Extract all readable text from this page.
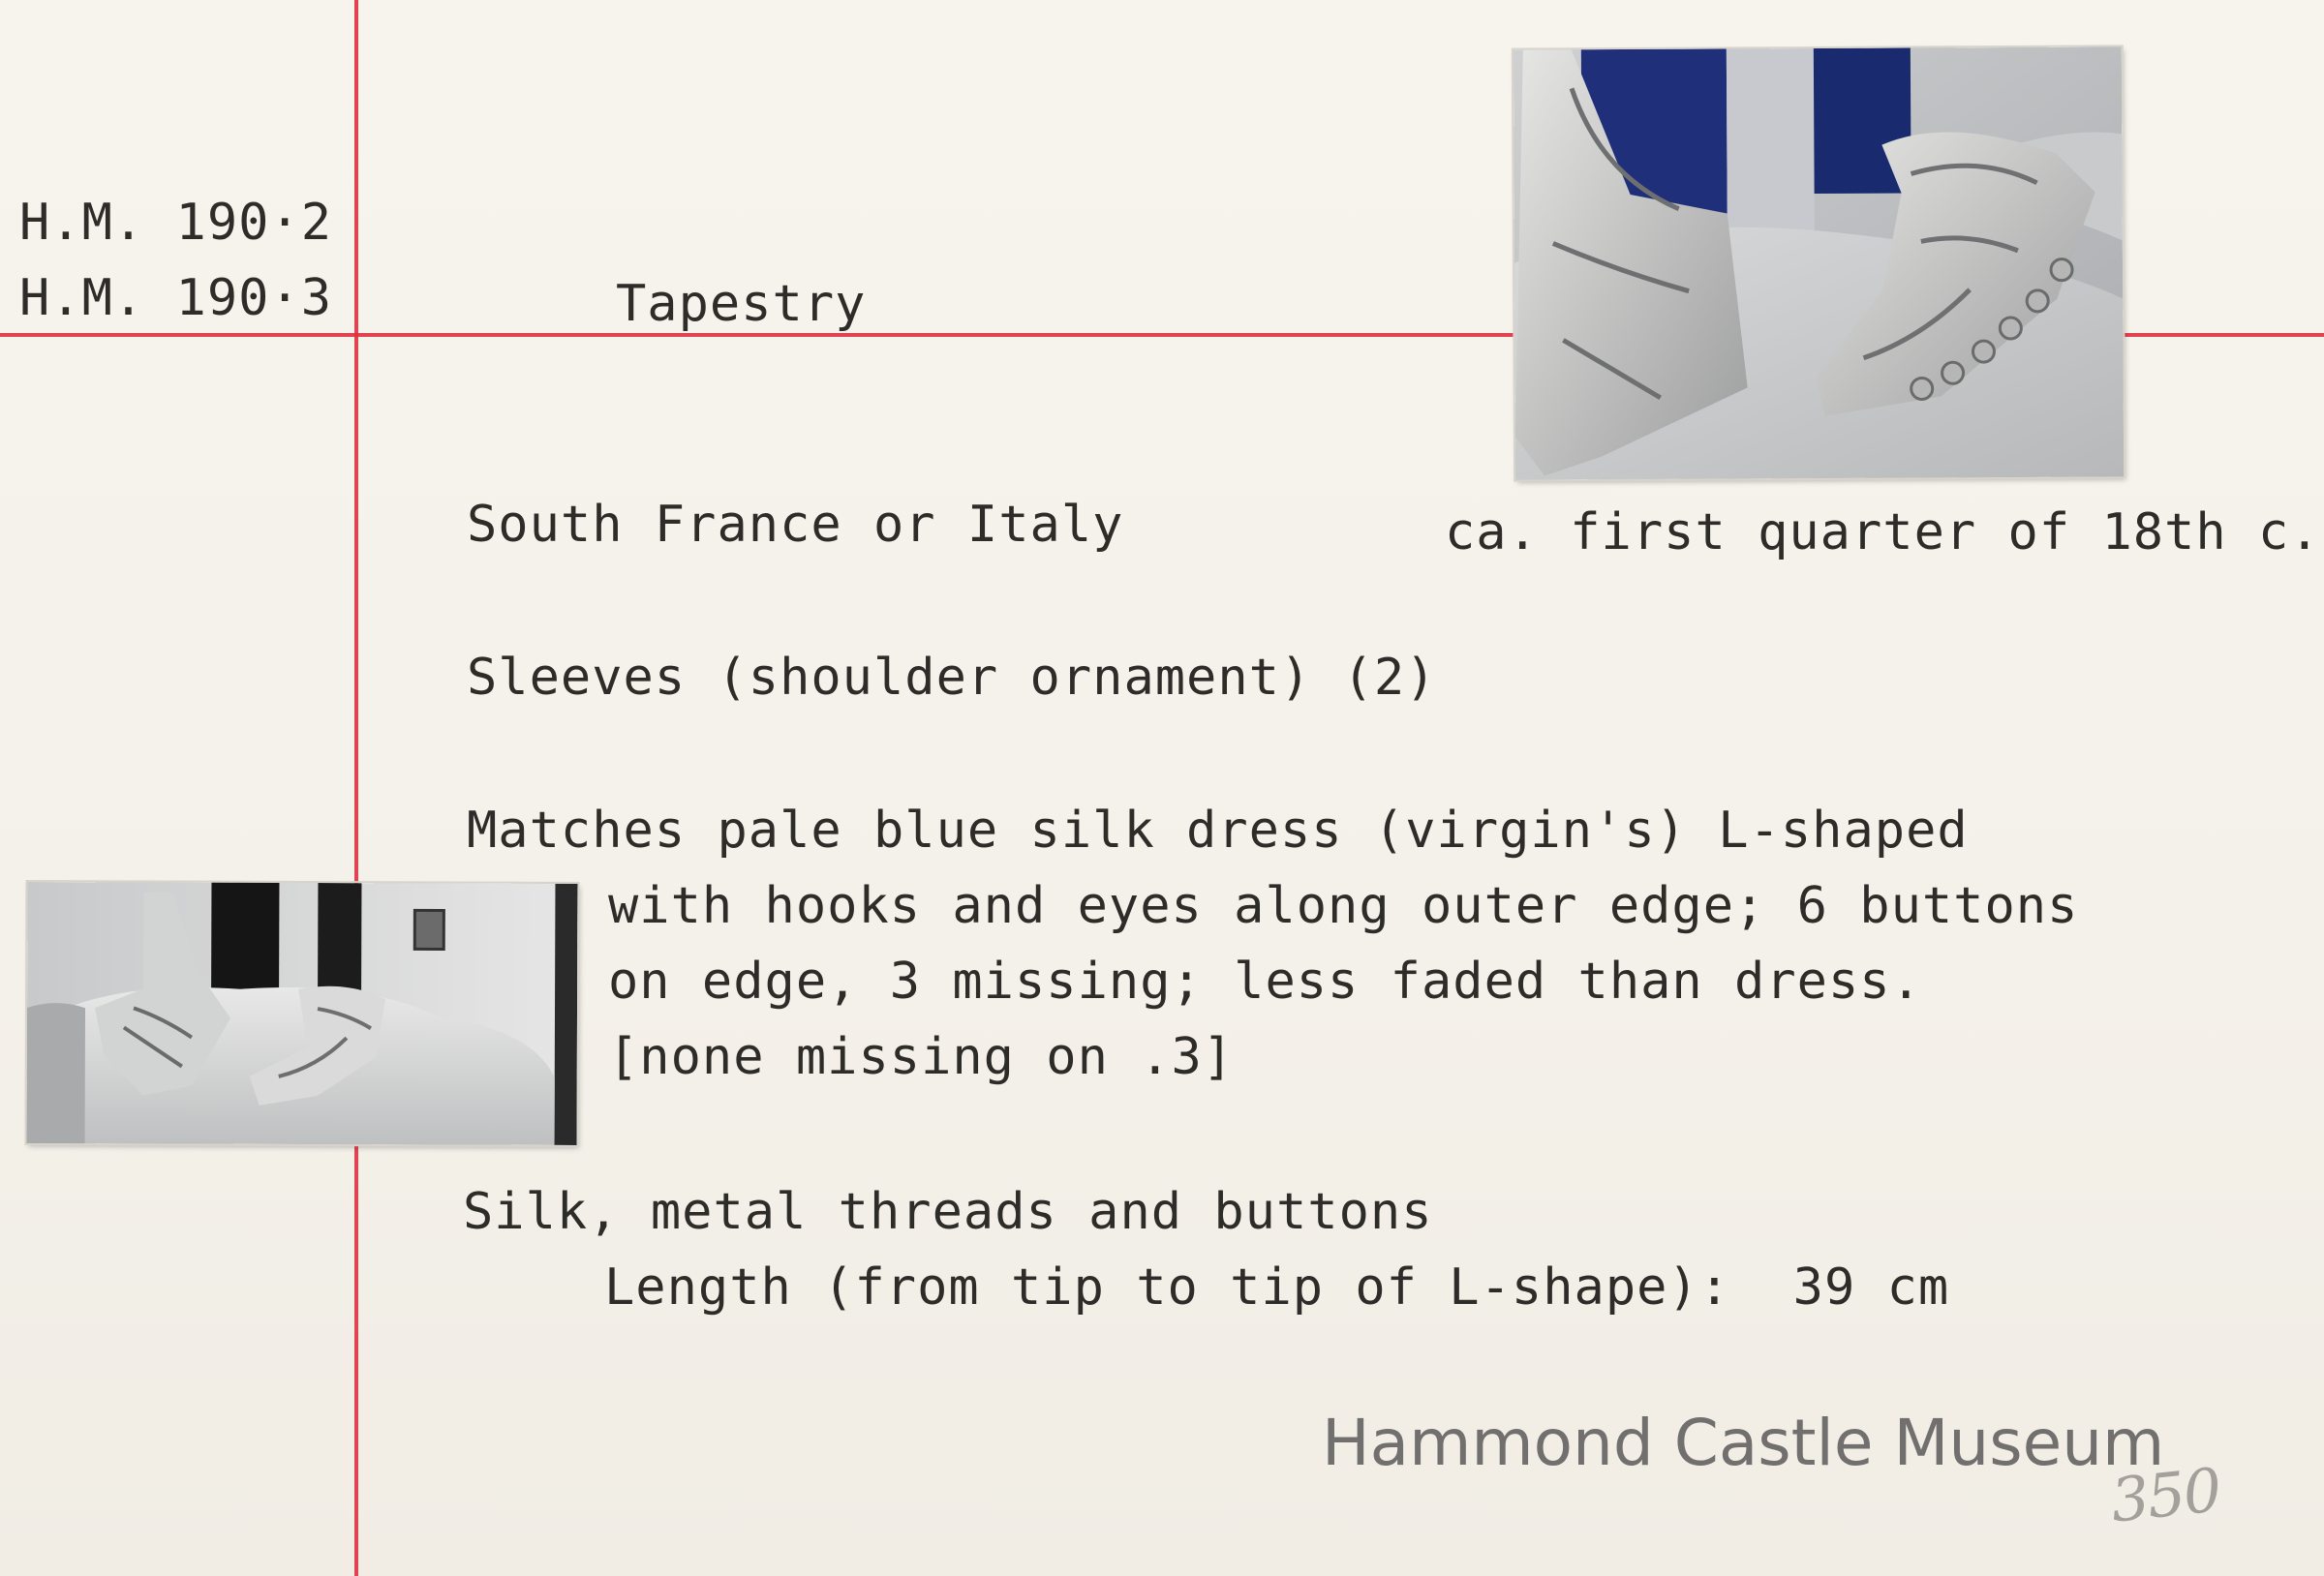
H.M. 190·2

H.M. 190·3	Tapestry

South France or Italy	ca. first quarter of 18th c.

Sleeves (shoulder ornament) (2)

Matches pale blue silk dress (virgin's) L-shaped

with hooks and eyes along outer edge; 6 buttons

on edge, 3 missing; less faded than dress.

[none missing on .3]

Silk, metal threads and buttons

Length (from tip to tip of L-shape):  39 cm

Hammond Castle Museum

350
